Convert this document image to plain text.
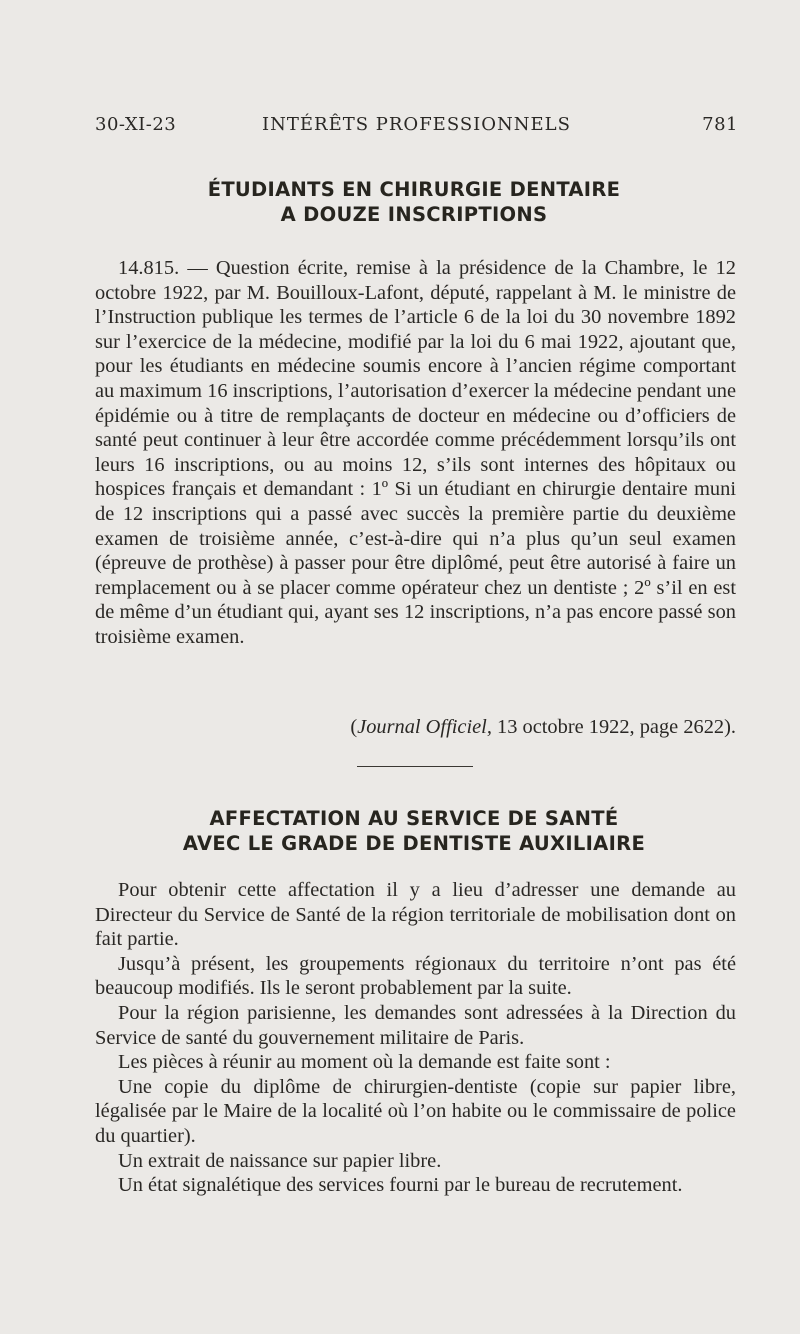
30-XI-23	INTÉRÊTS PROFESSIONNELS	781
ÉTUDIANTS EN CHIRURGIE DENTAIRE
A DOUZE INSCRIPTIONS

14.815. — Question écrite, remise à la présidence de la Chambre, le 12 octobre 1922, par M. Bouilloux-Lafont, député, rappelant à M. le ministre de l’Instruction publique les termes de l’article 6 de la loi du 30 novembre 1892 sur l’exercice de la médecine, modifié par la loi du 6 mai 1922, ajoutant que, pour les étudiants en médecine soumis encore à l’ancien régime comportant au maximum 16 inscriptions, l’autorisation d’exercer la médecine pendant une épidémie ou à titre de remplaçants de docteur en médecine ou d’officiers de santé peut continuer à leur être accordée comme précédemment lorsqu’ils ont leurs 16 inscriptions, ou au moins 12, s’ils sont internes des hôpitaux ou hospices français et demandant : 1º Si un étudiant en chirurgie dentaire muni de 12 inscriptions qui a passé avec succès la première partie du deuxième examen de troisième année, c’est-à-dire qui n’a plus qu’un seul examen (épreuve de prothèse) à passer pour être diplômé, peut être autorisé à faire un remplacement ou à se placer comme opérateur chez un dentiste ; 2º s’il en est de même d’un étudiant qui, ayant ses 12 inscriptions, n’a pas encore passé son troisième examen.

(Journal Officiel, 13 octobre 1922, page 2622).
AFFECTATION AU SERVICE DE SANTÉ
AVEC LE GRADE DE DENTISTE AUXILIAIRE

Pour obtenir cette affectation il y a lieu d’adresser une demande au Directeur du Service de Santé de la région territoriale de mobilisation dont on fait partie.

Jusqu’à présent, les groupements régionaux du territoire n’ont pas été beaucoup modifiés. Ils le seront probablement par la suite.

Pour la région parisienne, les demandes sont adressées à la Direction du Service de santé du gouvernement militaire de Paris.

Les pièces à réunir au moment où la demande est faite sont :

Une copie du diplôme de chirurgien-dentiste (copie sur papier libre, légalisée par le Maire de la localité où l’on habite ou le commissaire de police du quartier).

Un extrait de naissance sur papier libre.

Un état signalétique des services fourni par le bureau de recrutement.
